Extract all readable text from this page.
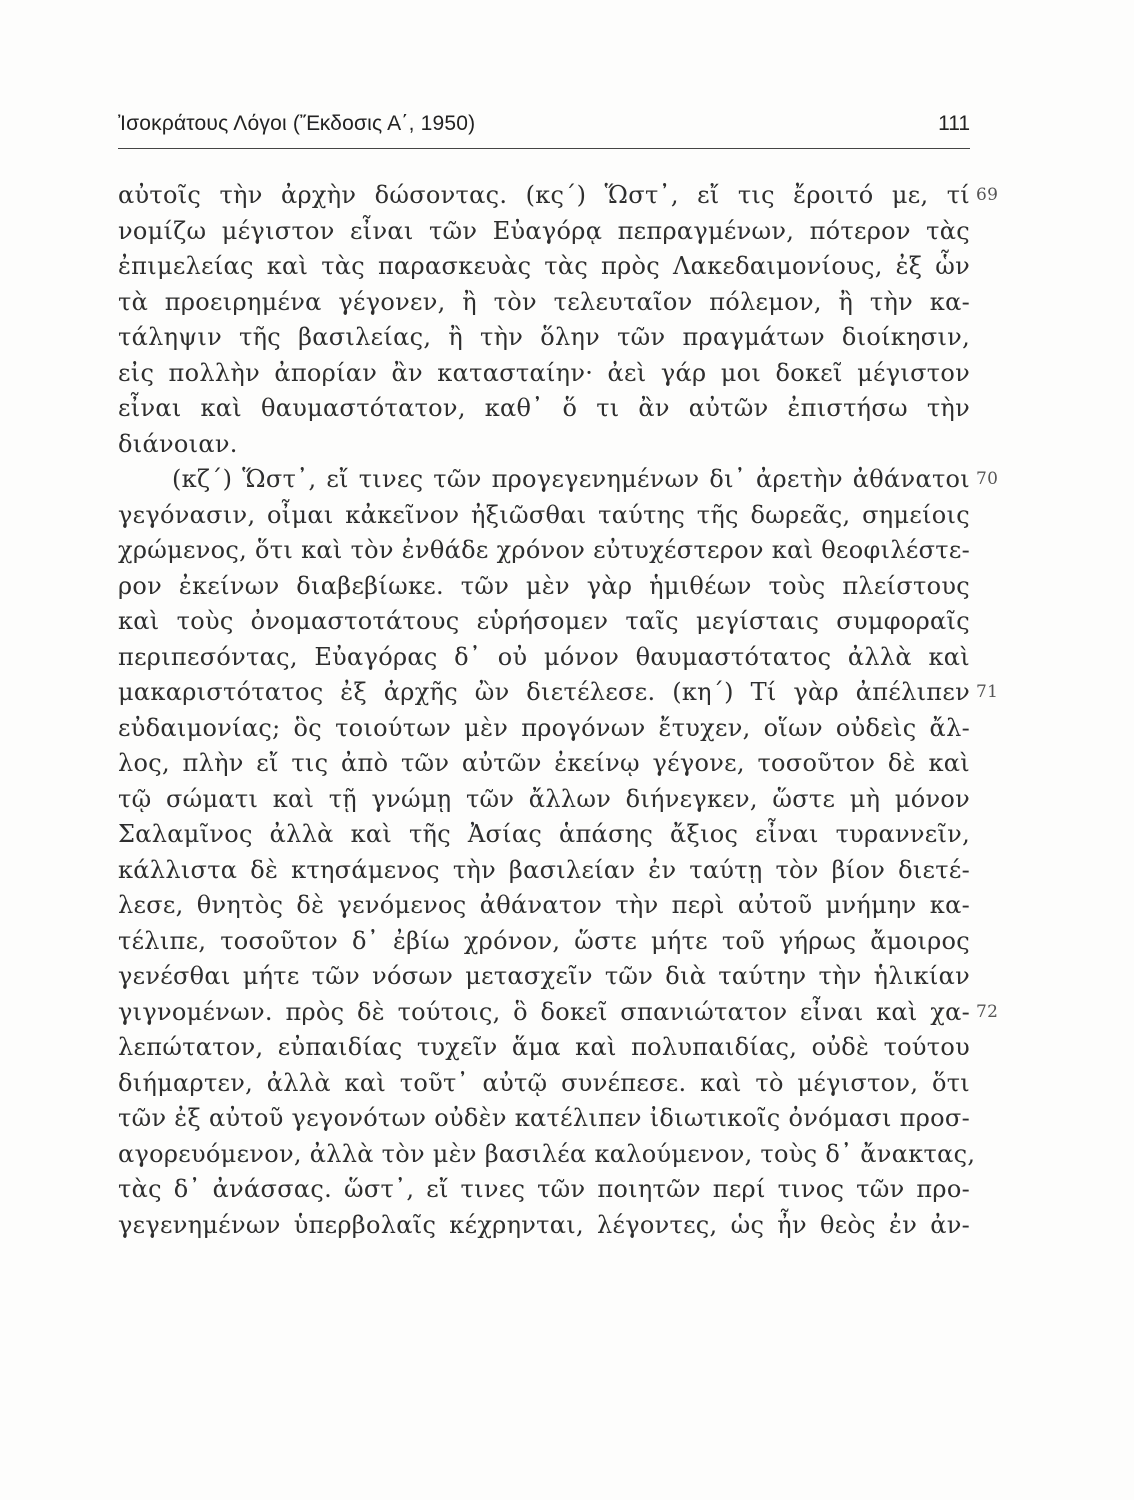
Ἰσοκράτους Λόγοι (Ἔκδοσις Α΄, 1950)	111
αὐτοῖς τὴν ἀρχὴν δώσοντας. (κς΄) Ὥστ᾽, εἴ τις ἔροιτό με, τί 69
νομίζω μέγιστον εἶναι τῶν Εὐαγόρᾳ πεπραγμένων, πότερον τὰς
ἐπιμελείας καὶ τὰς παρασκευὰς τὰς πρὸς Λακεδαιμονίους, ἐξ ὧν
τὰ προειρημένα γέγονεν, ἢ τὸν τελευταῖον πόλεμον, ἢ τὴν κα-
τάληψιν τῆς βασιλείας, ἢ τὴν ὅλην τῶν πραγμάτων διοίκησιν,
εἰς πολλὴν ἀπορίαν ἂν κατασταίην· ἀεὶ γάρ μοι δοκεῖ μέγιστον
εἶναι καὶ θαυμαστότατον, καθ᾽ ὅ τι ἂν αὐτῶν ἐπιστήσω τὴν
διάνοιαν.
(κζ΄) Ὥστ᾽, εἴ τινες τῶν προγεγενημένων δι᾽ ἀρετὴν ἀθάνατοι 70
γεγόνασιν, οἶμαι κἀκεῖνον ἠξιῶσθαι ταύτης τῆς δωρεᾶς, σημείοις
χρώμενος, ὅτι καὶ τὸν ἐνθάδε χρόνον εὐτυχέστερον καὶ θεοφιλέστε-
ρον ἐκείνων διαβεβίωκε. τῶν μὲν γὰρ ἡμιθέων τοὺς πλείστους
καὶ τοὺς ὀνομαστοτάτους εὑρήσομεν ταῖς μεγίσταις συμφοραῖς
περιπεσόντας, Εὐαγόρας δ᾽ οὐ μόνον θαυμαστότατος ἀλλὰ καὶ
μακαριστότατος ἐξ ἀρχῆς ὢν διετέλεσε. (κη΄) Τί γὰρ ἀπέλιπεν 71
εὐδαιμονίας; ὃς τοιούτων μὲν προγόνων ἔτυχεν, οἵων οὐδεὶς ἄλ-
λος, πλὴν εἴ τις ἀπὸ τῶν αὐτῶν ἐκείνῳ γέγονε, τοσοῦτον δὲ καὶ
τῷ σώματι καὶ τῇ γνώμῃ τῶν ἄλλων διήνεγκεν, ὥστε μὴ μόνον
Σαλαμῖνος ἀλλὰ καὶ τῆς Ἀσίας ἁπάσης ἄξιος εἶναι τυραννεῖν,
κάλλιστα δὲ κτησάμενος τὴν βασιλείαν ἐν ταύτῃ τὸν βίον διετέ-
λεσε, θνητὸς δὲ γενόμενος ἀθάνατον τὴν περὶ αὐτοῦ μνήμην κα-
τέλιπε, τοσοῦτον δ᾽ ἐβίω χρόνον, ὥστε μήτε τοῦ γήρως ἄμοιρος
γενέσθαι μήτε τῶν νόσων μετασχεῖν τῶν διὰ ταύτην τὴν ἡλικίαν
γιγνομένων. πρὸς δὲ τούτοις, ὃ δοκεῖ σπανιώτατον εἶναι καὶ χα- 72
λεπώτατον, εὐπαιδίας τυχεῖν ἅμα καὶ πολυπαιδίας, οὐδὲ τούτου
διήμαρτεν, ἀλλὰ καὶ τοῦτ᾽ αὐτῷ συνέπεσε. καὶ τὸ μέγιστον, ὅτι
τῶν ἐξ αὐτοῦ γεγονότων οὐδὲν κατέλιπεν ἰδιωτικοῖς ὀνόμασι προσ-
αγορευόμενον, ἀλλὰ τὸν μὲν βασιλέα καλούμενον, τοὺς δ᾽ ἄνακτας,
τὰς δ᾽ ἀνάσσας. ὥστ᾽, εἴ τινες τῶν ποιητῶν περί τινος τῶν προ-
γεγενημένων ὑπερβολαῖς κέχρηνται, λέγοντες, ὡς ἦν θεὸς ἐν ἀν-
